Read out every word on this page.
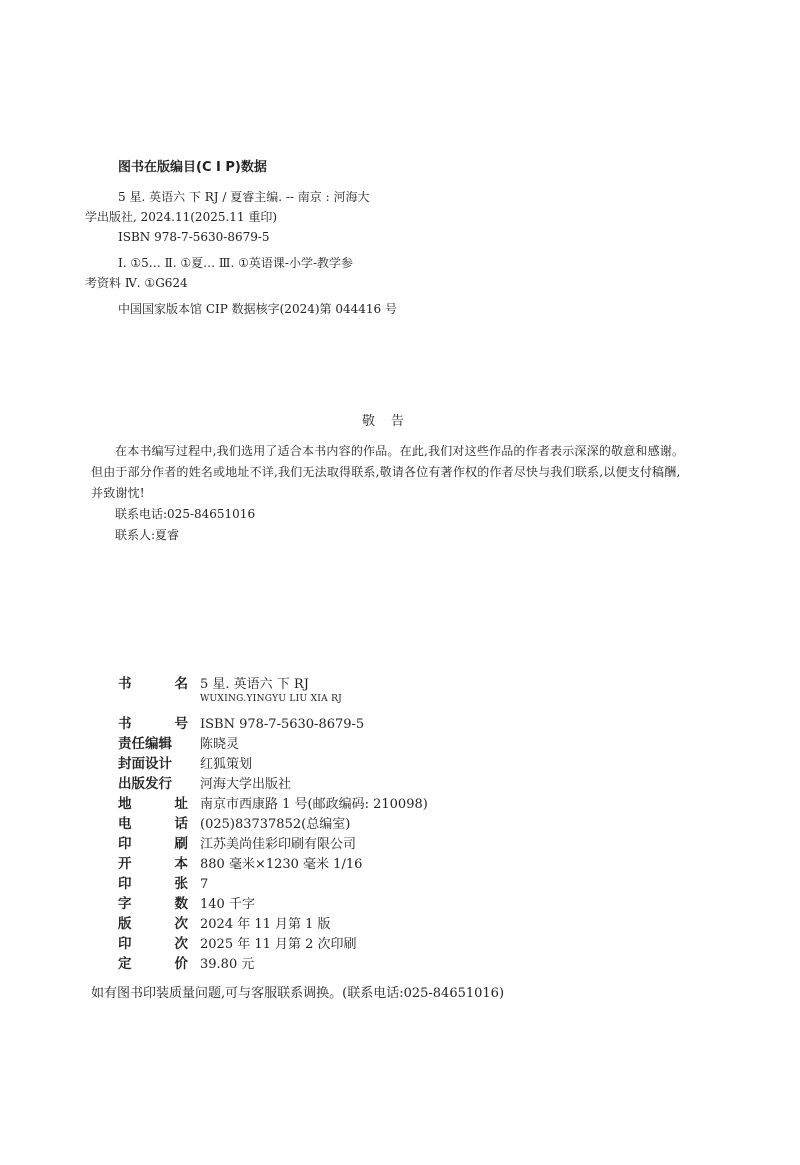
图书在版编目(C I P)数据

5 星. 英语六 下 RJ / 夏睿主编. -- 南京 : 河海大

学出版社, 2024.11(2025.11 重印)

ISBN 978-7-5630-8679-5

Ⅰ. ①5… Ⅱ. ①夏… Ⅲ. ①英语课-小学-教学参

考资料 Ⅳ. ①G624

中国国家版本馆 CIP 数据核字(2024)第 044416 号

敬告

在本书编写过程中,我们选用了适合本书内容的作品。在此,我们对这些作品的作者表示深深的敬意和感谢。但由于部分作者的姓名或地址不详,我们无法取得联系,敬请各位有著作权的作者尽快与我们联系,以便支付稿酬,并致谢忱!

联系电话:025-84651016

联系人:夏睿

书	名 5 星. 英语六 下 RJ
WUXING.YINGYU LIU XIA RJ
书	号 ISBN 978-7-5630-8679-5
责任编辑 陈晓灵
封面设计 红狐策划
出版发行 河海大学出版社
地	址 南京市西康路 1 号(邮政编码: 210098)
电	话 (025)83737852(总编室)
印	刷 江苏美尚佳彩印刷有限公司
开	本 880 毫米×1230 毫米 1/16
印	张 7
字	数 140 千字
版	次 2024 年 11 月第 1 版
印	次 2025 年 11 月第 2 次印刷
定	价 39.80 元
如有图书印装质量问题,可与客服联系调换。(联系电话:025-84651016)
